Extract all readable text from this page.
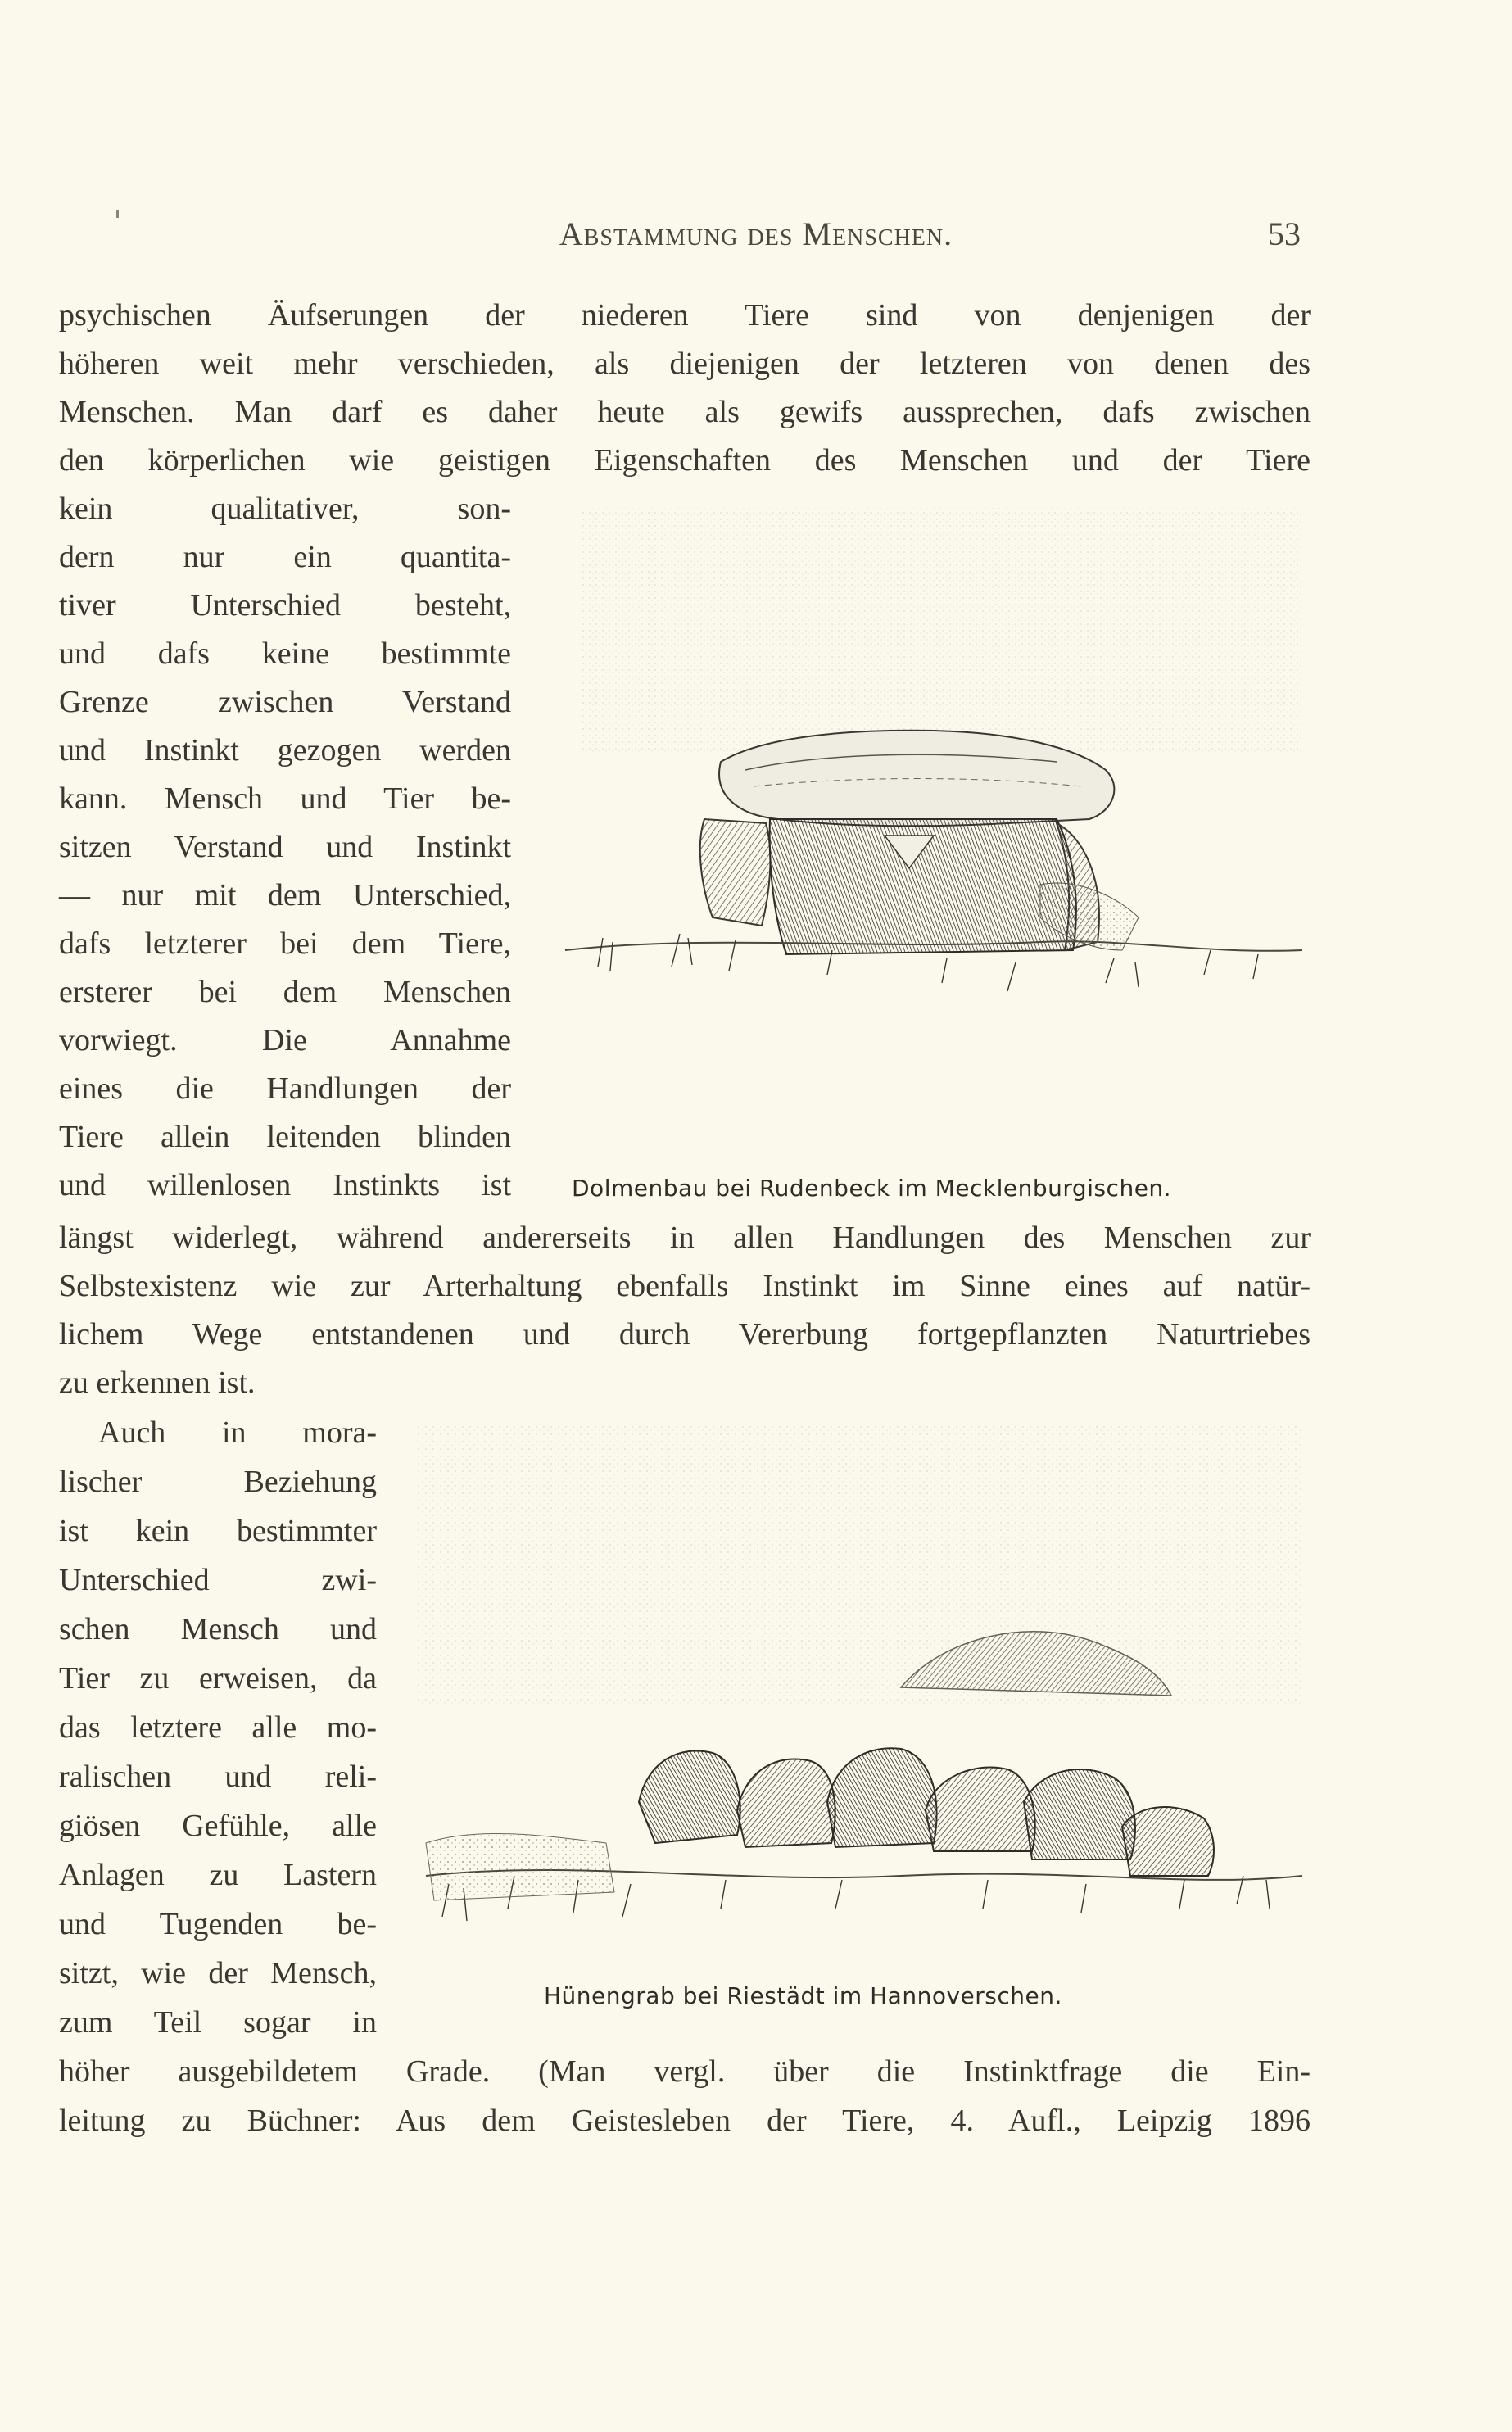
Abstammung des Menschen.	53
psychischen Äufserungen der niederen Tiere sind von denjenigen der
höheren weit mehr verschieden, als diejenigen der letzteren von denen des
Menschen. Man darf es daher heute als gewifs aussprechen, dafs zwischen
den körperlichen wie geistigen Eigenschaften des Menschen und der Tiere
kein qualitativer, son-
dern nur ein quantita-
tiver Unterschied besteht,
und dafs keine bestimmte
Grenze zwischen Verstand
und Instinkt gezogen werden
kann. Mensch und Tier be-
sitzen Verstand und Instinkt
— nur mit dem Unterschied,
dafs letzterer bei dem Tiere,
ersterer bei dem Menschen
vorwiegt. Die Annahme
eines die Handlungen der
Tiere allein leitenden blinden
und willenlosen Instinkts ist	Dolmenbau bei Rudenbeck im Mecklenburgischen.
längst widerlegt, während andererseits in allen Handlungen des Menschen zur
Selbstexistenz wie zur Arterhaltung ebenfalls Instinkt im Sinne eines auf natür-
lichem Wege entstandenen und durch Vererbung fortgepflanzten Naturtriebes
zu erkennen ist.
Auch in mora-
lischer Beziehung
ist kein bestimmter
Unterschied zwi-
schen Mensch und
Tier zu erweisen, da
das letztere alle mo-
ralischen und reli-
giösen Gefühle, alle
Anlagen zu Lastern
und Tugenden be-
sitzt, wie der Mensch,
zum Teil sogar in
Hünengrab bei Riestädt im Hannoverschen.
höher ausgebildetem Grade. (Man vergl. über die Instinktfrage die Ein-
leitung zu Büchner: Aus dem Geistesleben der Tiere, 4. Aufl., Leipzig 1896
